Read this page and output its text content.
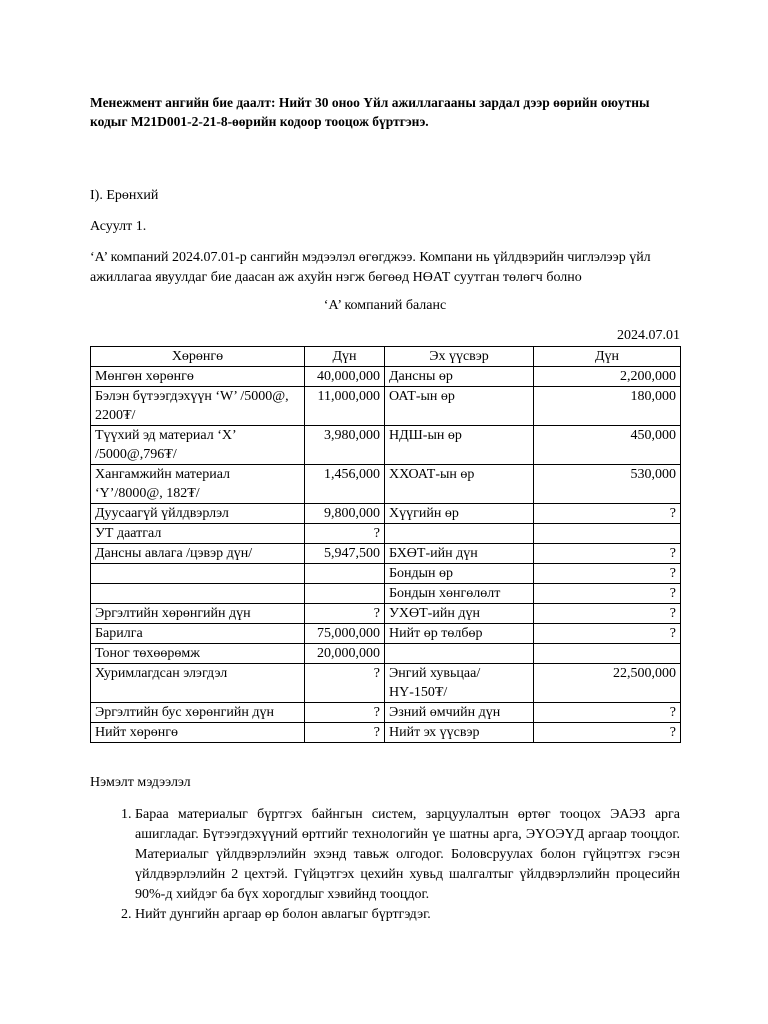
Менежмент ангийн бие даалт: Нийт 30 оноо Үйл ажиллагааны зардал дээр өөрийн оюутны кодыг M21D001-2-21-8-өөрийн кодоор тооцож бүртгэнэ.

I). Ерөнхий

Асуулт 1.

‘А’ компаний 2024.07.01-р сангийн мэдээлэл өгөгджээ. Компани нь үйлдвэрийн чиглэлээр үйл ажиллагаа явуулдаг бие даасан аж ахуйн нэгж бөгөөд НӨАТ суутган төлөгч болно

‘А’ компаний баланс

2024.07.01

Хөрөнгө	Дүн	Эх үүсвэр	Дүн
Мөнгөн хөрөнгө	40,000,000	Дансны өр	2,200,000
Бэлэн бүтээгдэхүүн ‘W’ /5000@, 2200₮/	11,000,000	ОАТ-ын өр	180,000
Түүхий эд материал ‘X’ /5000@,796₮/	3,980,000	НДШ-ын өр	450,000
Хангамжийн материал ‘Y’/8000@, 182₮/	1,456,000	ХХОАТ-ын өр	530,000
Дуусаагүй үйлдвэрлэл	9,800,000	Хүүгийн өр	?
УТ даатгал	?		
Дансны авлага /цэвэр дүн/	5,947,500	БХӨТ-ийн дүн	?
		Бондын өр	?
		Бондын хөнгөлөлт	?
Эргэлтийн хөрөнгийн дүн	?	УХӨТ-ийн дүн	?
Барилга	75,000,000	Нийт өр төлбөр	?
Тоног төхөөрөмж	20,000,000		
Хуримлагдсан элэгдэл	?	Энгий хувьцаа/НҮ-150₮/	22,500,000
Эргэлтийн бус хөрөнгийн дүн	?	Эзний өмчийн дүн	?
Нийт хөрөнгө	?	Нийт эх үүсвэр	?

Нэмэлт мэдээлэл

1. Бараа материалыг бүртгэх байнгын систем, зарцуулалтын өртөг тооцох ЭАЭЗ арга ашигладаг. Бүтээгдэхүүний өртгийг технологийн үе шатны арга, ЭҮОЭҮД аргаар тооцдог. Материалыг үйлдвэрлэлийн эхэнд тавьж олгодог. Боловсруулах болон гүйцэтгэх гэсэн үйлдвэрлэлийн 2 цехтэй. Гүйцэтгэх цехийн хувьд шалгалтыг үйлдвэрлэлийн процесийн 90%-д хийдэг ба бүх хорогдлыг хэвийнд тооцдог.
2. Нийт дунгийн аргаар өр болон авлагыг бүртгэдэг.
